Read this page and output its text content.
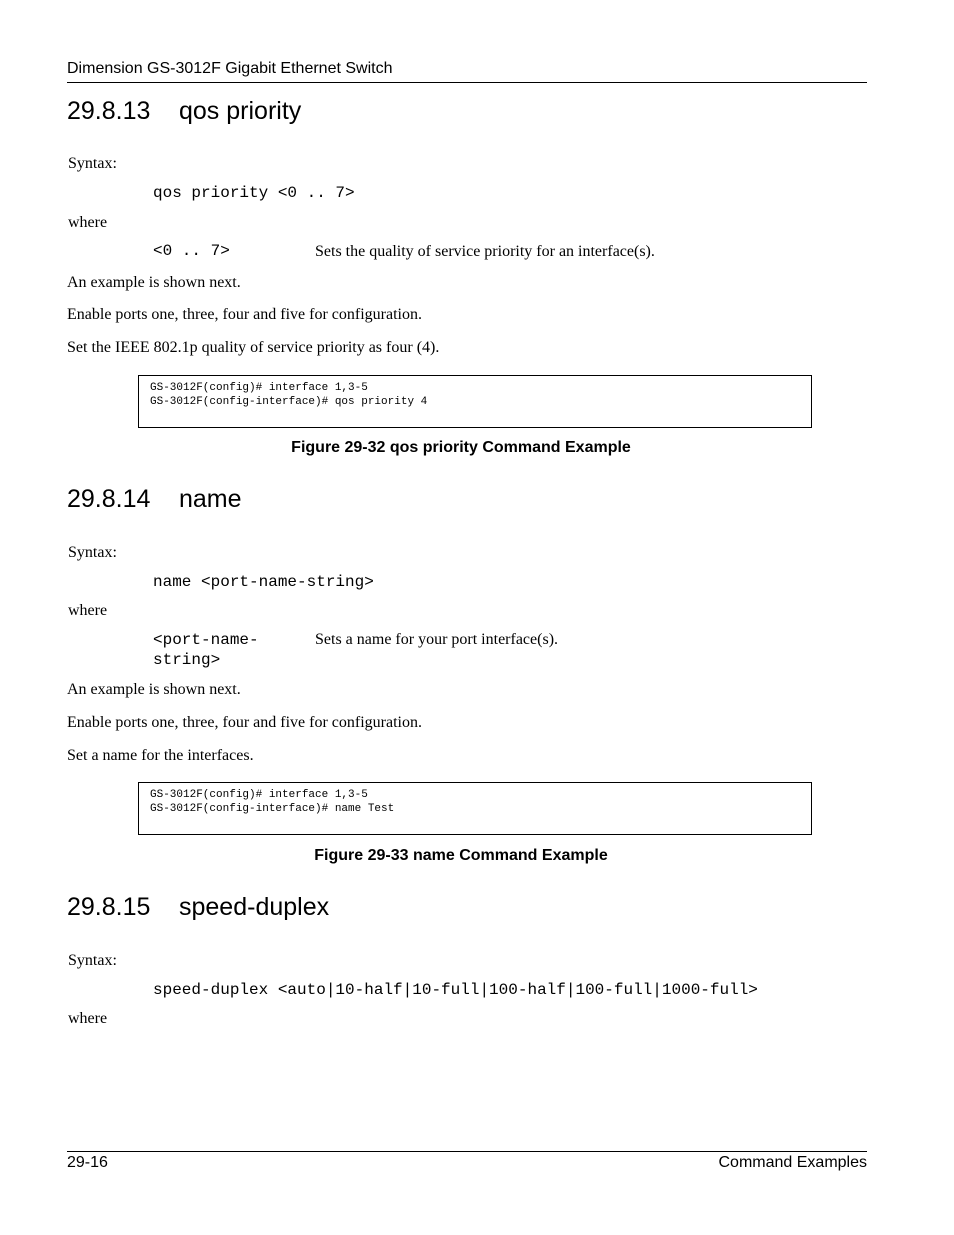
Dimension GS-3012F Gigabit Ethernet Switch
29.8.13 qos priority
Syntax:
qos priority <0 .. 7>
where
<0 .. 7>	Sets the quality of service priority for an interface(s).
An example is shown next.
Enable ports one, three, four and five for configuration.
Set the IEEE 802.1p quality of service priority as four (4).
GS-3012F(config)# interface 1,3-5
GS-3012F(config-interface)# qos priority 4
Figure 29-32 qos priority Command Example
29.8.14 name
Syntax:
name <port-name-string>
where
<port-name-
string>
Sets a name for your port interface(s).
An example is shown next.
Enable ports one, three, four and five for configuration.
Set a name for the interfaces.
GS-3012F(config)# interface 1,3-5
GS-3012F(config-interface)# name Test
Figure 29-33 name Command Example
29.8.15 speed-duplex
Syntax:
speed-duplex <auto|10-half|10-full|100-half|100-full|1000-full>
where
29-16	Command Examples
